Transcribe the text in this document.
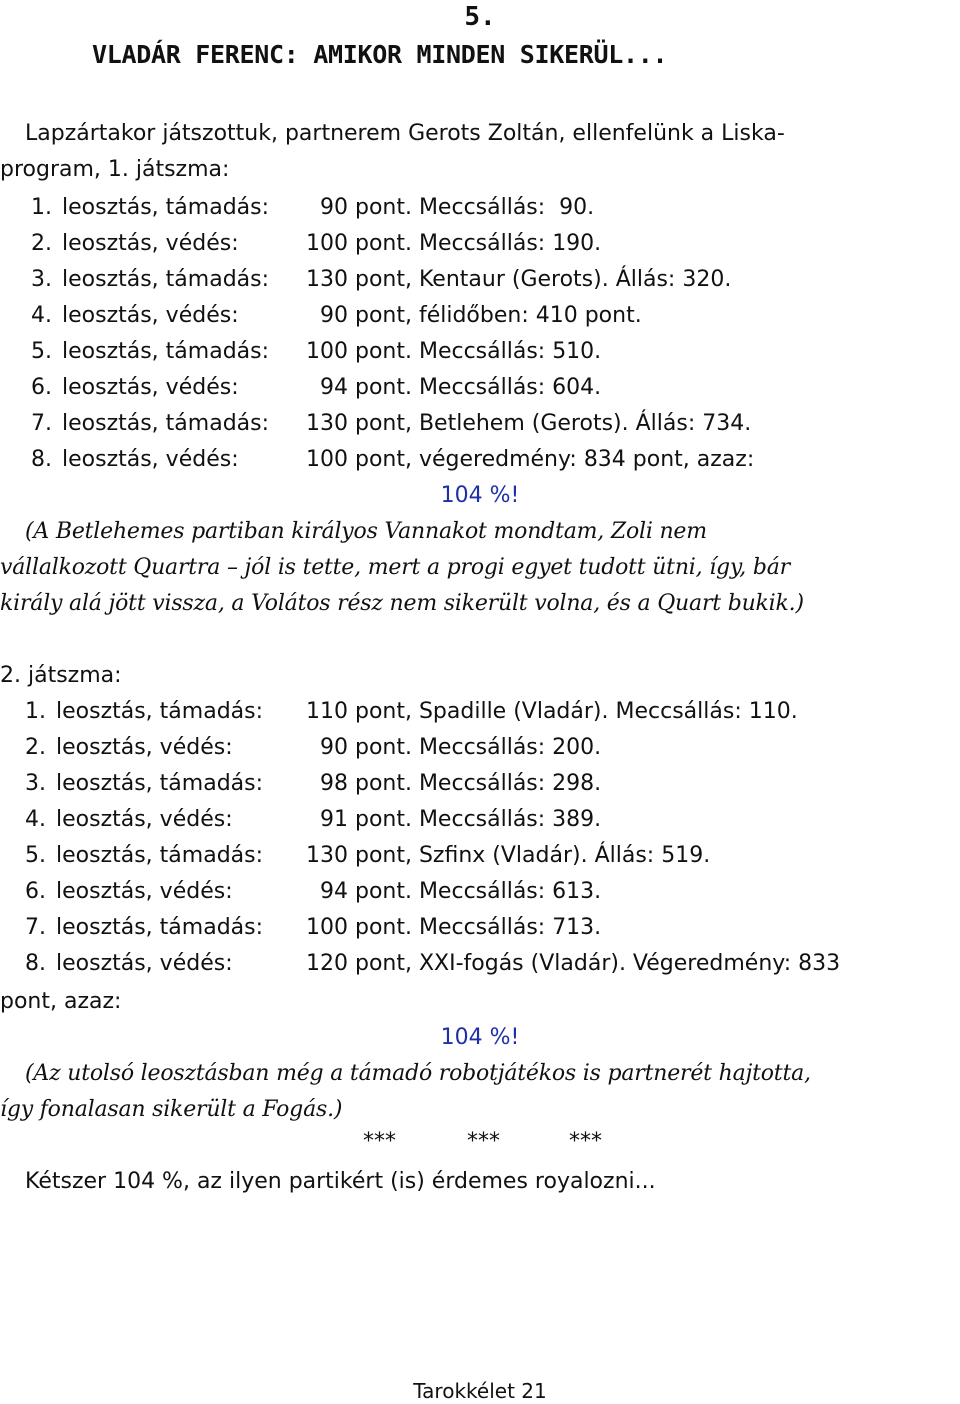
5.
VLADÁR FERENC: AMIKOR MINDEN SIKERÜL...
Lapzártakor játszottuk, partnerem Gerots Zoltán, ellenfelünk a Liska-
program, 1. játszma:
1. leosztás, támadás: 90 pont. Meccsállás:  90.
2. leosztás, védés:	100 pont. Meccsállás: 190.
3. leosztás, támadás: 130 pont, Kentaur (Gerots). Állás: 320.
4. leosztás, védés:	90 pont, félidőben: 410 pont.
5. leosztás, támadás: 100 pont. Meccsállás: 510.
6. leosztás, védés:	94 pont. Meccsállás: 604.
7. leosztás, támadás: 130 pont, Betlehem (Gerots). Állás: 734.
8. leosztás, védés:	100 pont, végeredmény: 834 pont, azaz:
104 %!
(A Betlehemes partiban királyos Vannakot mondtam, Zoli nem
vállalkozott Quartra – jól is tette, mert a progi egyet tudott ütni, így, bár
király alá jött vissza, a Volátos rész nem sikerült volna, és a Quart bukik.)
2. játszma:
1. leosztás, támadás: 110 pont, Spadille (Vladár). Meccsállás: 110.
2. leosztás, védés:	90 pont. Meccsállás: 200.
3. leosztás, támadás: 98 pont. Meccsállás: 298.
4. leosztás, védés:	91 pont. Meccsállás: 389.
5. leosztás, támadás: 130 pont, Szfinx (Vladár). Állás: 519.
6. leosztás, védés:	94 pont. Meccsállás: 613.
7. leosztás, támadás: 100 pont. Meccsállás: 713.
8. leosztás, védés:	120 pont, XXI-fogás (Vladár). Végeredmény: 833
pont, azaz:
104 %!
(Az utolsó leosztásban még a támadó robotjátékos is partnerét hajtotta,
így fonalasan sikerült a Fogás.)
***	***	***
Kétszer 104 %, az ilyen partikért (is) érdemes royalozni...
Tarokkélet 21
